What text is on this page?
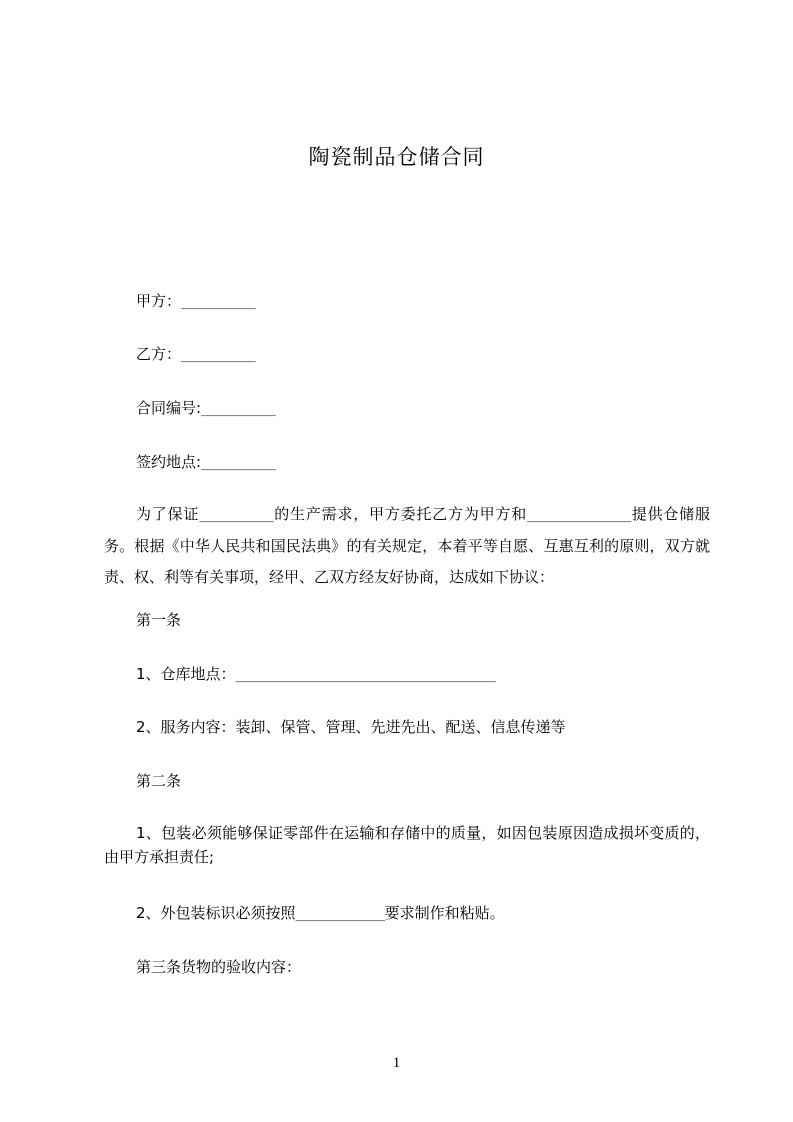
陶瓷制品仓储合同
甲方：__________
乙方：__________
合同编号:__________
签约地点:__________
为了保证__________的生产需求，甲方委托乙方为甲方和______________提供仓储服务。根据《中华人民共和国民法典》的有关规定，本着平等自愿、互惠互利的原则，双方就责、权、利等有关事项，经甲、乙双方经友好协商，达成如下协议：
第一条
1、仓库地点：___________________________________
2、服务内容：装卸、保管、管理、先进先出、配送、信息传递等
第二条
1、包装必须能够保证零部件在运输和存储中的质量，如因包装原因造成损坏变质的，由甲方承担责任;
2、外包装标识必须按照____________要求制作和粘贴。
第三条货物的验收内容：
1
